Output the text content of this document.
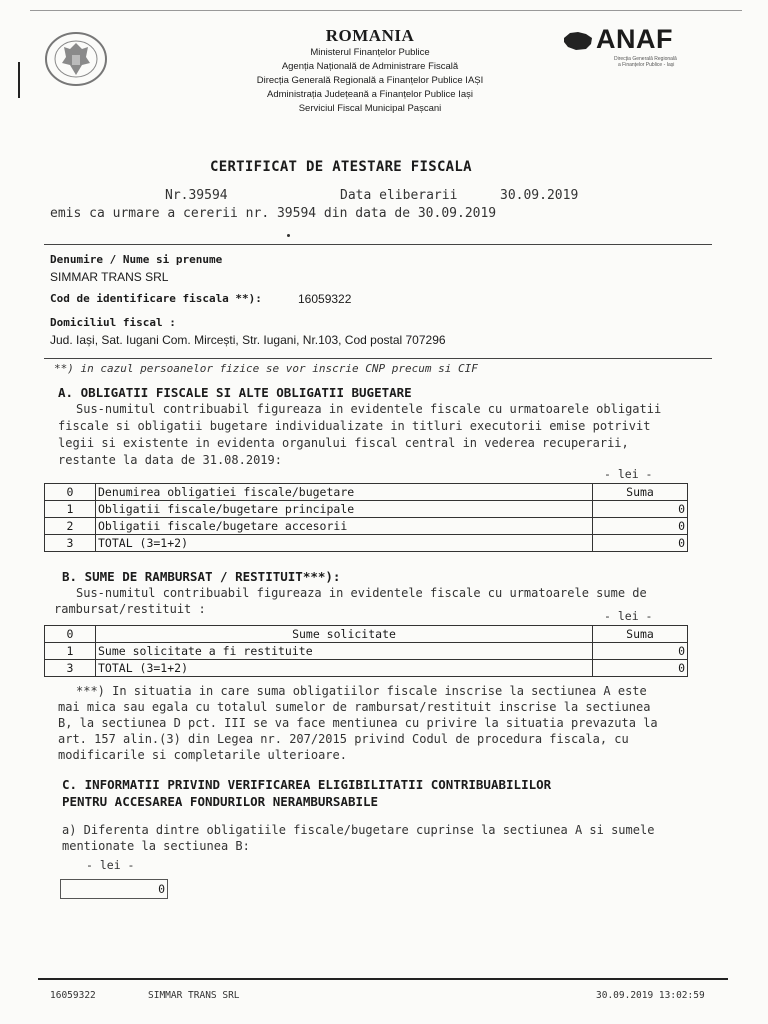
ROMANIA
Ministerul Finanțelor Publice
Agenția Națională de Administrare Fiscală
Direcția Generală Regională a Finanțelor Publice IAȘI
Administrația Județeană a Finanțelor Publice Iași
Serviciul Fiscal Municipal Pașcani
ANAF
Direcția Generală Regională
a Finanțelor Publice - Iași
CERTIFICAT DE ATESTARE FISCALA
Nr.39594	Data eliberarii	30.09.2019
emis ca urmare a cererii nr. 39594 din data de 30.09.2019
Denumire / Nume si prenume
SIMMAR TRANS SRL
Cod de identificare fiscala **):	16059322
Domiciliul fiscal :
Jud. Iași, Sat. Iugani Com. Mircești, Str. Iugani, Nr.103, Cod postal 707296
**) in cazul persoanelor fizice se vor inscrie CNP precum si CIF
A. OBLIGATII FISCALE SI ALTE OBLIGATII BUGETARE
Sus-numitul contribuabil figureaza in evidentele fiscale cu urmatoarele obligatii
fiscale si obligatii bugetare individualizate in titluri executorii emise potrivit
legii si existente in evidenta organului fiscal central in vederea recuperarii,
restante la data de 31.08.2019:
- lei -
0	Denumirea obligatiei fiscale/bugetare	Suma
1	Obligatii fiscale/bugetare principale	0
2	Obligatii fiscale/bugetare accesorii	0
3	TOTAL (3=1+2)	0
B. SUME DE RAMBURSAT / RESTITUIT***):
Sus-numitul contribuabil figureaza in evidentele fiscale cu urmatoarele sume de
rambursat/restituit :	- lei -
0	Sume solicitate	Suma
1	Sume solicitate a fi restituite	0
3	TOTAL (3=1+2)	0
***) In situatia in care suma obligatiilor fiscale inscrise la sectiunea A este
mai mica sau egala cu totalul sumelor de rambursat/restituit inscrise la sectiunea
B, la sectiunea D pct. III se va face mentiunea cu privire la situatia prevazuta la
art. 157 alin.(3) din Legea nr. 207/2015 privind Codul de procedura fiscala, cu
modificarile si completarile ulterioare.
C. INFORMATII PRIVIND VERIFICAREA ELIGIBILITATII CONTRIBUABILILOR
PENTRU ACCESAREA FONDURILOR NERAMBURSABILE
a) Diferenta dintre obligatiile fiscale/bugetare cuprinse la sectiunea A si sumele
mentionate la sectiunea B:
- lei -
0
16059322	SIMMAR TRANS SRL	30.09.2019 13:02:59
